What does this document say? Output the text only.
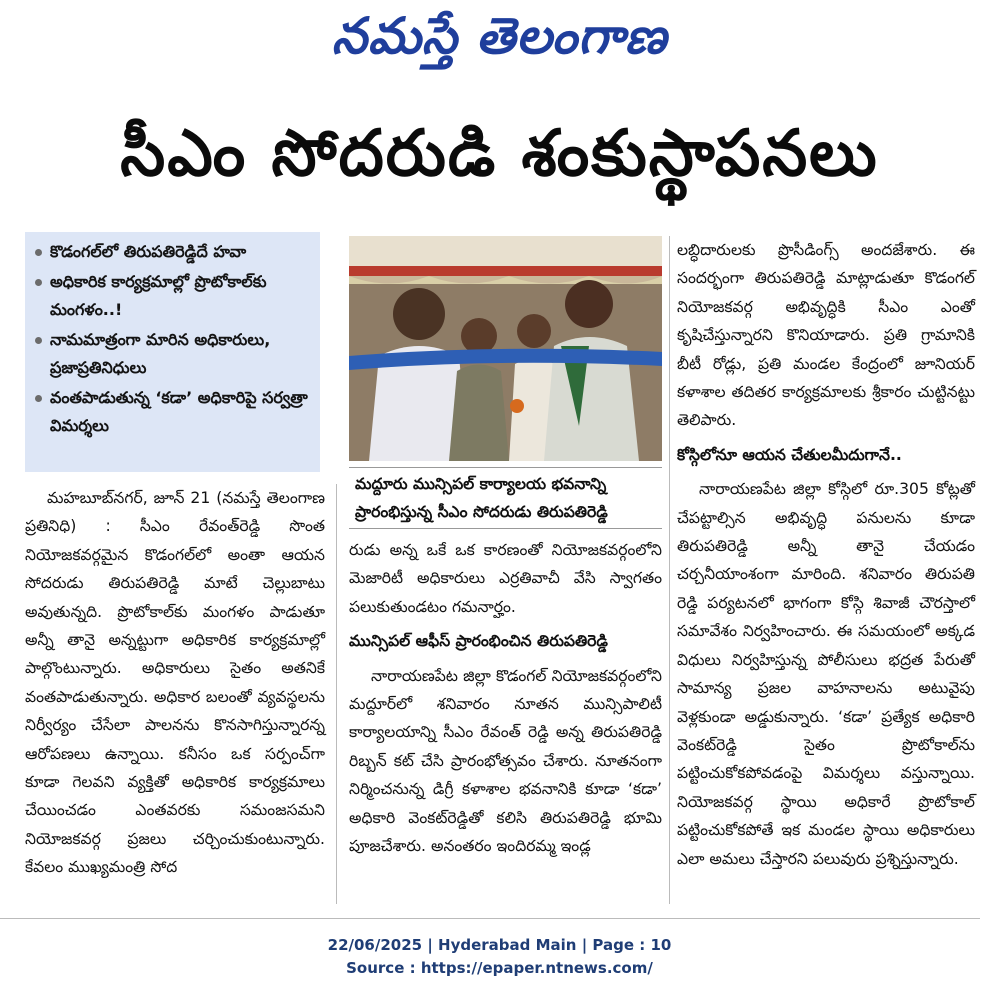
నమస్తే తెలంగాణ
సీఎం సోదరుడి శంకుస్థాపనలు
కొడంగల్‌లో తిరుపతిరెడ్డిదే హవా
అధికారిక కార్యక్రమాల్లో ప్రొటోకాల్‌కు మంగళం..!
నామమాత్రంగా మారిన అధికారులు, ప్రజాప్రతినిధులు
వంతపాడుతున్న ‘కడా’ అధికారిపై సర్వత్రా విమర్శలు

మహబూబ్‌నగర్, జూన్ 21 (నమస్తే తెలంగాణ ప్రతినిధి) : సీఎం రేవంత్‌రెడ్డి సొంత నియోజకవర్గమైన కొడంగల్‌లో అంతా ఆయన సోదరుడు తిరుపతిరెడ్డి మాటే చెల్లుబాటు అవుతున్నది. ప్రొటోకాల్‌కు మంగళం పాడుతూ అన్నీ తానై అన్నట్టుగా అధికారిక కార్యక్రమాల్లో పాల్గొంటున్నారు. అధికారులు సైతం అతనికే వంతపాడుతున్నారు. అధికార బలంతో వ్యవస్థలను నిర్వీర్యం చేసేలా పాలనను కొనసాగిస్తున్నారన్న ఆరోపణలు ఉన్నాయి. కనీసం ఒక సర్పంచ్‌గా కూడా గెలవని వ్యక్తితో అధికారిక కార్యక్రమాలు చేయించడం ఎంతవరకు సమంజసమని నియోజకవర్గ ప్రజలు చర్చించుకుంటున్నారు. కేవలం ముఖ్యమంత్రి సోద

మద్దూరు మున్సిపల్ కార్యాలయ భవనాన్ని ప్రారంభిస్తున్న సీఎం సోదరుడు తిరుపతిరెడ్డి

రుడు అన్న ఒకే ఒక కారణంతో నియోజకవర్గంలోని మెజారిటీ అధికారులు ఎర్రతివాచీ వేసి స్వాగతం పలుకుతుండటం గమనార్హం.

మున్సిపల్ ఆఫీస్ ప్రారంభించిన తిరుపతిరెడ్డి

నారాయణపేట జిల్లా కొడంగల్ నియోజకవర్గంలోని మద్దూర్‌లో శనివారం నూతన మున్సిపాలిటీ కార్యాలయాన్ని సీఎం రేవంత్ రెడ్డి అన్న తిరుపతిరెడ్డి రిబ్బన్ కట్ చేసి ప్రారంభోత్సవం చేశారు. నూతనంగా నిర్మించనున్న డిగ్రీ కళాశాల భవనానికి కూడా ‘కడా’ అధికారి వెంకట్‌రెడ్డితో కలిసి తిరుపతిరెడ్డి భూమి పూజచేశారు. అనంతరం ఇందిరమ్మ ఇండ్ల

లబ్ధిదారులకు ప్రొసీడింగ్స్ అందజేశారు. ఈ సందర్భంగా తిరుపతిరెడ్డి మాట్లాడుతూ కొడంగల్ నియోజకవర్గ అభివృద్ధికి సీఎం ఎంతో కృషిచేస్తున్నారని కొనియాడారు. ప్రతి గ్రామానికి బీటీ రోడ్లు, ప్రతి మండల కేంద్రంలో జూనియర్ కళాశాల తదితర కార్యక్రమాలకు శ్రీకారం చుట్టినట్టు తెలిపారు.

కోస్గిలోనూ ఆయన చేతులమీదుగానే..

నారాయణపేట జిల్లా కోస్గిలో రూ.305 కోట్లతో చేపట్టాల్సిన అభివృద్ధి పనులను కూడా తిరుపతిరెడ్డి అన్నీ తానై చేయడం చర్చనీయాంశంగా మారింది. శనివారం తిరుపతి రెడ్డి పర్యటనలో భాగంగా కోస్గి శివాజీ చౌరస్తాలో సమావేశం నిర్వహించారు. ఈ సమయంలో అక్కడ విధులు నిర్వహిస్తున్న పోలీసులు భద్రత పేరుతో సామాన్య ప్రజల వాహనాలను అటువైపు వెళ్లకుండా అడ్డుకున్నారు. ‘కడా’ ప్రత్యేక అధికారి వెంకట్‌రెడ్డి సైతం ప్రొటోకాల్‌ను పట్టించుకోకపోవడంపై విమర్శలు వస్తున్నాయి. నియోజకవర్గ స్థాయి అధికారే ప్రొటోకాల్ పట్టించుకోకపోతే ఇక మండల స్థాయి అధికారులు ఎలా అమలు చేస్తారని పలువురు ప్రశ్నిస్తున్నారు.

22/06/2025 | Hyderabad Main | Page : 10
Source : https://epaper.ntnews.com/
